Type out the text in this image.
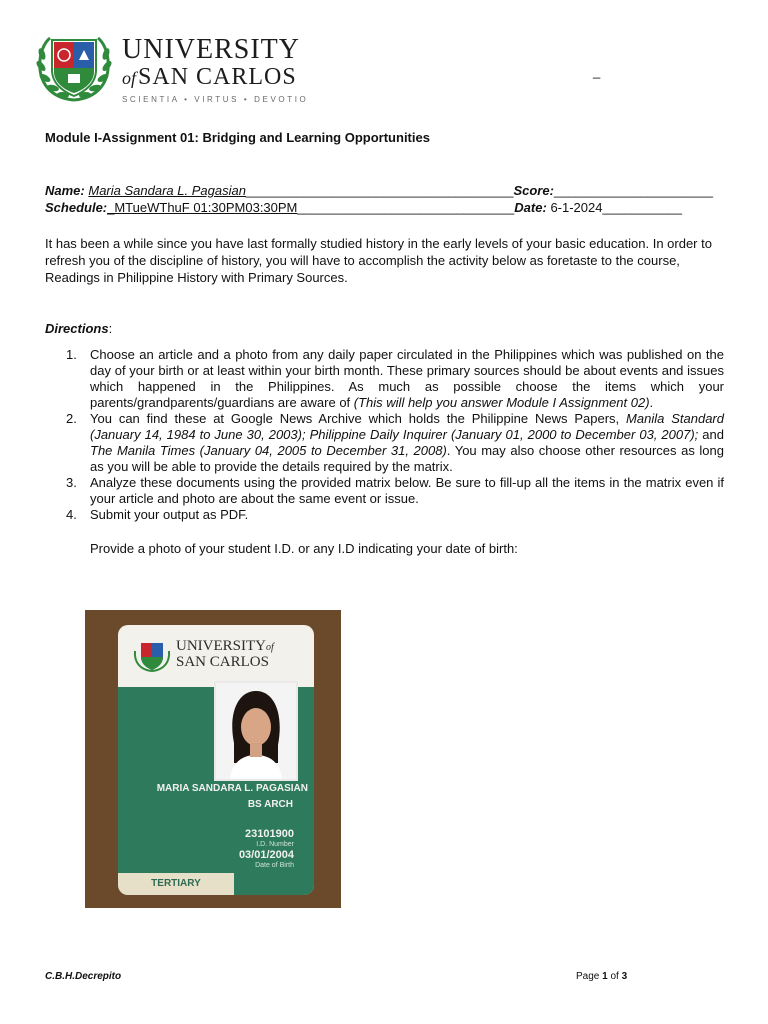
UNIVERSITY
ofSAN CARLOS
SCIENTIA • VIRTUS • DEVOTIO
_
Module I-Assignment 01: Bridging and Learning Opportunities
Name: Maria Sandara L. Pagasian_____________________________________Score:______________________
Schedule:_MTueWThuF 01:30PM03:30PM______________________________Date: 6-1-2024___________
It has been a while since you have last formally studied history in the early levels of your basic education. In order to refresh you of the discipline of history, you will have to accomplish the activity below as foretaste to the course, Readings in Philippine History with Primary Sources.
Directions:
1. Choose an article and a photo from any daily paper circulated in the Philippines which was published on the day of your birth or at least within your birth month. These primary sources should be about events and issues which happened in the Philippines. As much as possible choose the items which your parents/grandparents/guardians are aware of (This will help you answer Module I Assignment 02).
2. You can find these at Google News Archive which holds the Philippine News Papers, Manila Standard (January 14, 1984 to June 30, 2003); Philippine Daily Inquirer (January 01, 2000 to December 03, 2007); and The Manila Times (January 04, 2005 to December 31, 2008). You may also choose other resources as long as you will be able to provide the details required by the matrix.
3. Analyze these documents using the provided matrix below. Be sure to fill-up all the items in the matrix even if your article and photo are about the same event or issue.
4. Submit your output as PDF.
Provide a photo of your student I.D. or any I.D indicating your date of birth:
UNIVERSITYof
SAN CARLOS
MARIA SANDARA L. PAGASIAN
BS ARCH
23101900
I.D. Number
03/01/2004
Date of Birth
TERTIARY
C.B.H.Decrepito	Page 1 of 3
